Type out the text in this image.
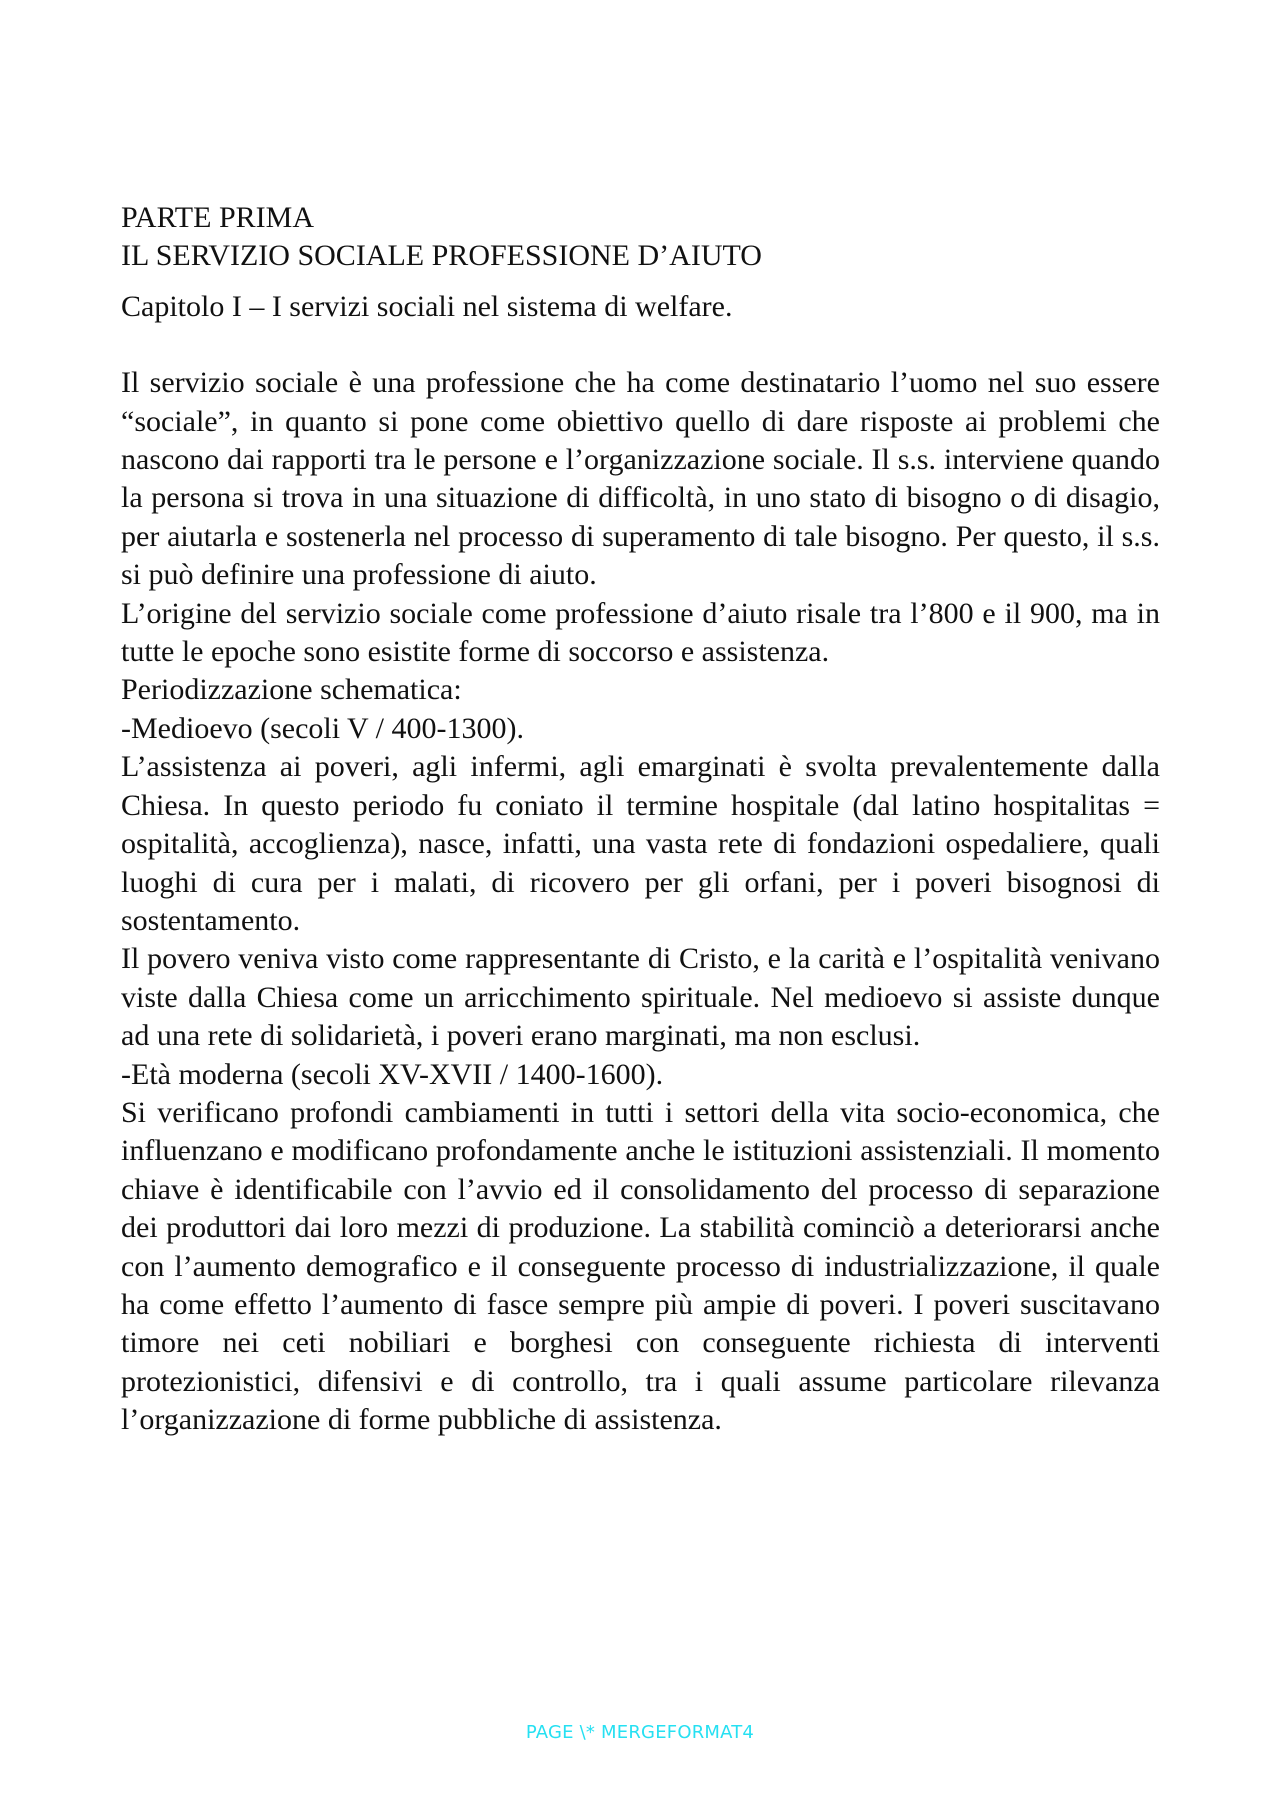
PARTE PRIMA

IL SERVIZIO SOCIALE PROFESSIONE D’AIUTO

Capitolo I – I servizi sociali nel sistema di welfare.

Il servizio sociale è una professione che ha come destinatario l’uomo nel suo essere “sociale”, in quanto si pone come obiettivo quello di dare risposte ai problemi che nascono dai rapporti tra le persone e l’organizzazione sociale. Il s.s. interviene quando la persona si trova in una situazione di difficoltà, in uno stato di bisogno o di disagio, per aiutarla e sostenerla nel processo di superamento di tale bisogno. Per questo, il s.s. si può definire una professione di aiuto.

L’origine del servizio sociale come professione d’aiuto risale tra l’800 e il 900, ma in tutte le epoche sono esistite forme di soccorso e assistenza.

Periodizzazione schematica:

-Medioevo (secoli V / 400-1300).

L’assistenza ai poveri, agli infermi, agli emarginati è svolta prevalentemente dalla Chiesa. In questo periodo fu coniato il termine hospitale (dal latino hospitalitas = ospitalità, accoglienza), nasce, infatti, una vasta rete di fondazioni ospedaliere, quali luoghi di cura per i malati, di ricovero per gli orfani, per i poveri bisognosi di sostentamento.

Il povero veniva visto come rappresentante di Cristo, e la carità e l’ospitalità venivano viste dalla Chiesa come un arricchimento spirituale. Nel medioevo si assiste dunque ad una rete di solidarietà, i poveri erano marginati, ma non esclusi.

-Età moderna (secoli XV-XVII / 1400-1600).

Si verificano profondi cambiamenti in tutti i settori della vita socio-economica, che influenzano e modificano profondamente anche le istituzioni assistenziali. Il momento chiave è identificabile con l’avvio ed il consolidamento del processo di separazione dei produttori dai loro mezzi di produzione. La stabilità cominciò a deteriorarsi anche con l’aumento demografico e il conseguente processo di industrializzazione, il quale ha come effetto l’aumento di fasce sempre più ampie di poveri. I poveri suscitavano timore nei ceti nobiliari e borghesi con conseguente richiesta di interventi protezionistici, difensivi e di controllo, tra i quali assume particolare rilevanza l’organizzazione di forme pubbliche di assistenza.

PAGE \* MERGEFORMAT4
